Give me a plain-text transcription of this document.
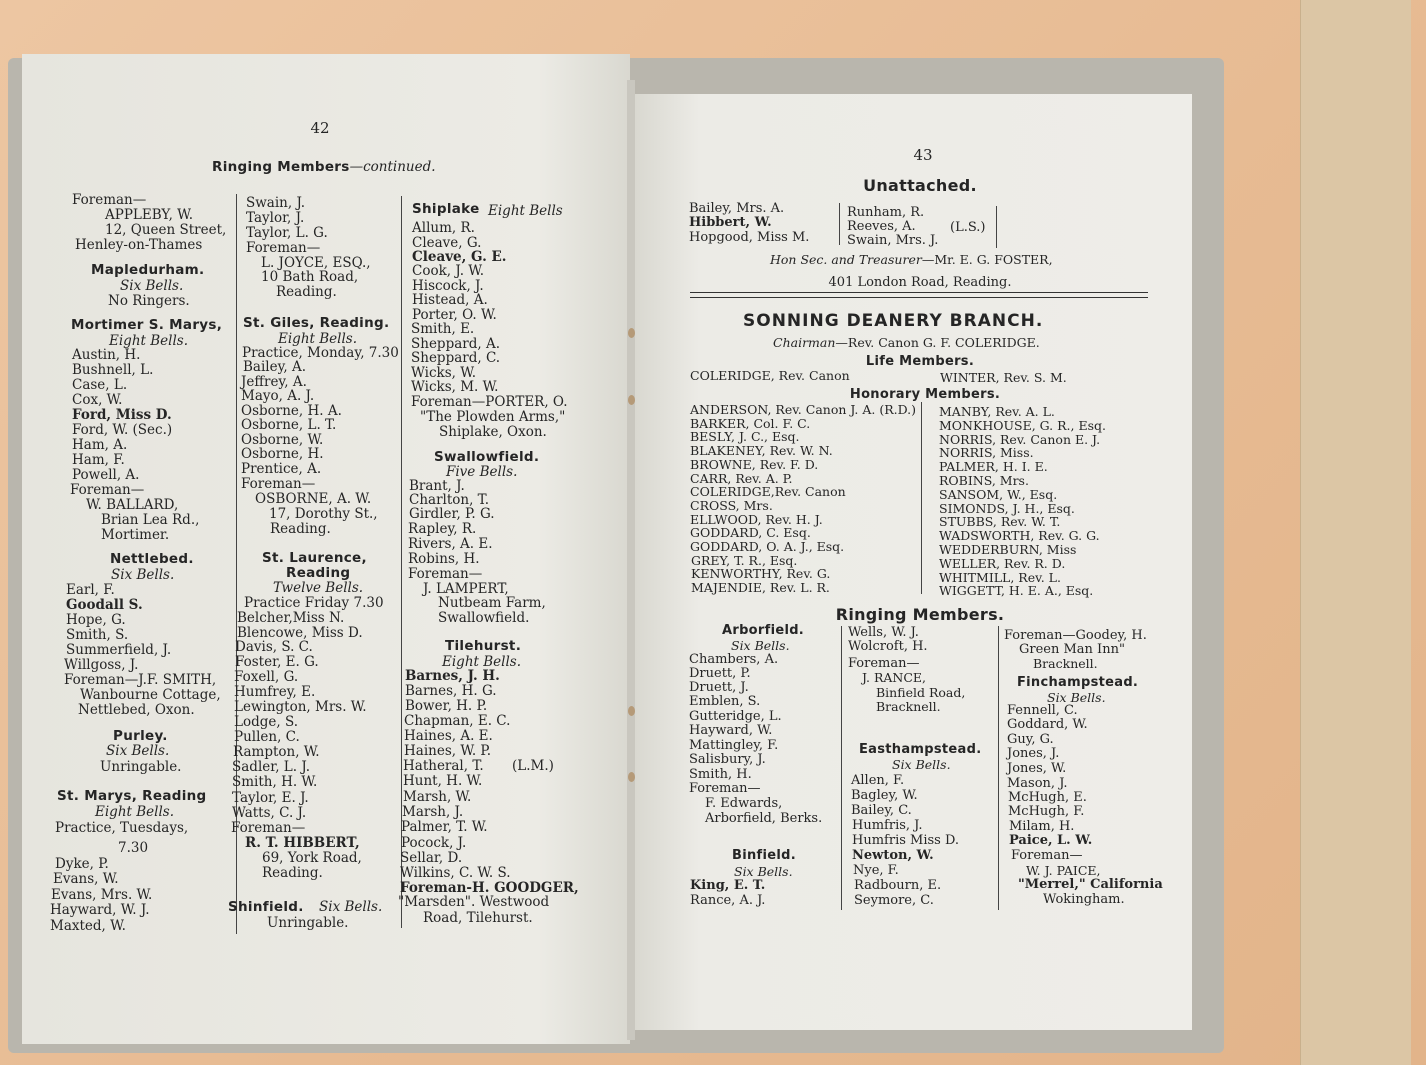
42
Ringing Members—continued.
Foreman—
APPLEBY, W.
12, Queen Street,
Henley-on-Thames
Mapledurham.
Six Bells.
No Ringers.
Mortimer S. Marys,
Eight Bells.
Austin, H.
Bushnell, L.
Case, L.
Cox, W.
Ford, Miss D.
Ford, W. (Sec.)
Ham, A.
Ham, F.
Powell, A.
Foreman—
W. BALLARD,
Brian Lea Rd.,
Mortimer.
Nettlebed.
Six Bells.
Earl, F.
Goodall S.
Hope, G.
Smith, S.
Summerfield, J.
Willgoss, J.
Foreman—J.F. SMITH,
Wanbourne Cottage,
Nettlebed, Oxon.
Purley.
Six Bells.
Unringable.
St. Marys, Reading
Eight Bells.
Practice, Tuesdays,
7.30
Dyke, P.
Evans, W.
Evans, Mrs. W.
Hayward, W. J.
Maxted, W.
Swain, J.
Taylor, J.
Taylor, L. G.
Foreman—
L. JOYCE, ESQ.,
10 Bath Road,
Reading.
St. Giles, Reading.
Eight Bells.
Practice, Monday, 7.30
Bailey, A.
Jeffrey, A.
Mayo, A. J.
Osborne, H. A.
Osborne, L. T.
Osborne, W.
Osborne, H.
Prentice, A.
Foreman—
OSBORNE, A. W.
17, Dorothy St.,
Reading.
St. Laurence,
Reading
Twelve Bells.
Practice Friday 7.30
Belcher,Miss N.
Blencowe, Miss D.
Davis, S. C.
Foster, E. G.
Foxell, G.
Humfrey, E.
Lewington, Mrs. W.
Lodge, S.
Pullen, C.
Rampton, W.
Sadler, L. J.
Smith, H. W.
Taylor, E. J.
Watts, C. J.
Foreman—
R. T. HIBBERT,
69, York Road,
Reading.
Shinfield. Six Bells.
Unringable.
Shiplake Eight Bells
Allum, R.
Cleave, G.
Cleave, G. E.
Cook, J. W.
Hiscock, J.
Histead, A.
Porter, O. W.
Smith, E.
Sheppard, A.
Sheppard, C.
Wicks, W.
Wicks, M. W.
Foreman—PORTER, O.
"The Plowden Arms,"
Shiplake, Oxon.
Swallowfield.
Five Bells.
Brant, J.
Charlton, T.
Girdler, P. G.
Rapley, R.
Rivers, A. E.
Robins, H.
Foreman—
J. LAMPERT,
Nutbeam Farm,
Swallowfield.
Tilehurst.
Eight Bells.
Barnes, J. H.
Barnes, H. G.
Bower, H. P.
Chapman, E. C.
Haines, A. E.
Haines, W. P.
Hatheral, T. (L.M.)
Hunt, H. W.
Marsh, W.
Marsh, J.
Palmer, T. W.
Pocock, J.
Sellar, D.
Wilkins, C. W. S.
Foreman-H. GOODGER,
"Marsden". Westwood
Road, Tilehurst.
43
Unattached.
Bailey, Mrs. A.
Hibbert, W.
Hopgood, Miss M.
Runham, R.
Reeves, A.	(L.S.)
Swain, Mrs. J.
Hon Sec. and Treasurer—Mr. E. G. FOSTER,
401 London Road, Reading.
SONNING DEANERY BRANCH.
Chairman—Rev. Canon G. F. COLERIDGE.
Life Members.
COLERIDGE, Rev. Canon	WINTER, Rev. S. M.
Honorary Members.
ANDERSON, Rev. Canon J. A. (R.D.)
BARKER, Col. F. C.
BESLY, J. C., Esq.
BLAKENEY, Rev. W. N.
BROWNE, Rev. F. D.
CARR, Rev. A. P.
COLERIDGE,Rev. Canon
CROSS, Mrs.
ELLWOOD, Rev. H. J.
GODDARD, C. Esq.
GODDARD, O. A. J., Esq.
GREY, T. R., Esq.
KENWORTHY, Rev. G.
MAJENDIE, Rev. L. R.
MANBY, Rev. A. L.
MONKHOUSE, G. R., Esq.
NORRIS, Rev. Canon E. J.
NORRIS, Miss.
PALMER, H. I. E.
ROBINS, Mrs.
SANSOM, W., Esq.
SIMONDS, J. H., Esq.
STUBBS, Rev. W. T.
WADSWORTH, Rev. G. G.
WEDDERBURN, Miss
WELLER, Rev. R. D.
WHITMILL, Rev. L.
WIGGETT, H. E. A., Esq.
Ringing Members.
Arborfield.
Six Bells.
Chambers, A.
Druett, P.
Druett, J.
Emblen, S.
Gutteridge, L.
Hayward, W.
Mattingley, F.
Salisbury, J.
Smith, H.
Foreman—
F. Edwards,
Arborfield, Berks.
Binfield.
Six Bells.
King, E. T.
Rance, A. J.
Wells, W. J.
Wolcroft, H.
Foreman—
J. RANCE,
Binfield Road,
Bracknell.
Easthampstead.
Six Bells.
Allen, F.
Bagley, W.
Bailey, C.
Humfris, J.
Humfris Miss D.
Newton, W.
Nye, F.
Radbourn, E.
Seymore, C.
Foreman—Goodey, H.
Green Man Inn"
Bracknell.
Finchampstead.
Six Bells.
Fennell, C.
Goddard, W.
Guy, G.
Jones, J.
Jones, W.
Mason, J.
McHugh, E.
McHugh, F.
Milam, H.
Paice, L. W.
Foreman—
W. J. PAICE,
"Merrel," California
Wokingham.
